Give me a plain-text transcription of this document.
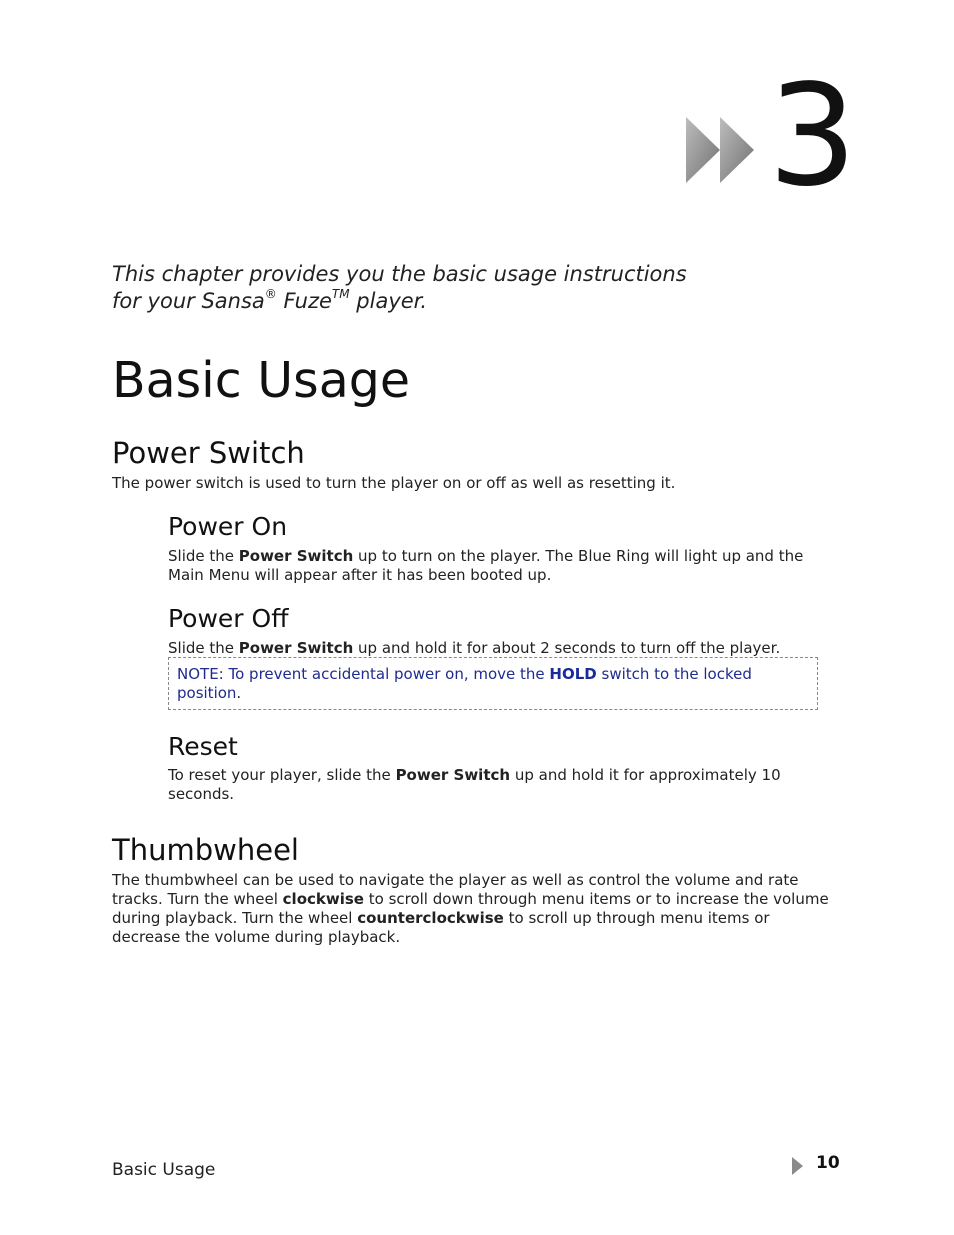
3
This chapter provides you the basic usage instructions
for your Sansa® Fuze™ player.
Basic Usage
Power Switch

The power switch is used to turn the player on or off as well as resetting it.

Power On

Slide the Power Switch up to turn on the player. The Blue Ring will light up and the Main Menu will appear after it has been booted up.

Power Off

Slide the Power Switch up and hold it for about 2 seconds to turn off the player.

NOTE: To prevent accidental power on, move the HOLD switch to the locked position.
Reset

To reset your player, slide the Power Switch up and hold it for approximately 10 seconds.

Thumbwheel

The thumbwheel can be used to navigate the player as well as control the volume and rate tracks. Turn the wheel clockwise to scroll down through menu items or to increase the volume during playback. Turn the wheel counterclockwise to scroll up through menu items or decrease the volume during playback.

Basic Usage	10
